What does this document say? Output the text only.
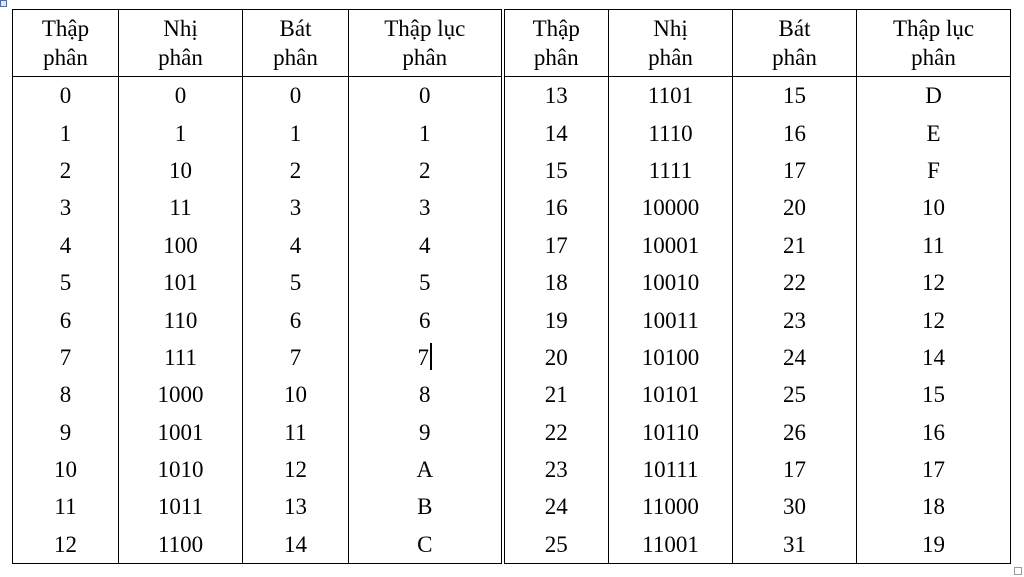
Thập
phân	Nhị
phân	Bát
phân	Thập lục
phân	Thập
phân	Nhị
phân	Bát
phân	Thập lục
phân
0	0	0	0	13	1101	15	D
1	1	1	1	14	1110	16	E
2	10	2	2	15	1111	17	F
3	11	3	3	16	10000	20	10
4	100	4	4	17	10001	21	11
5	101	5	5	18	10010	22	12
6	110	6	6	19	10011	23	12
7	111	7	7	20	10100	24	14
8	1000	10	8	21	10101	25	15
9	1001	11	9	22	10110	26	16
10	1010	12	A	23	10111	17	17
11	1011	13	B	24	11000	30	18
12	1100	14	C	25	11001	31	19
